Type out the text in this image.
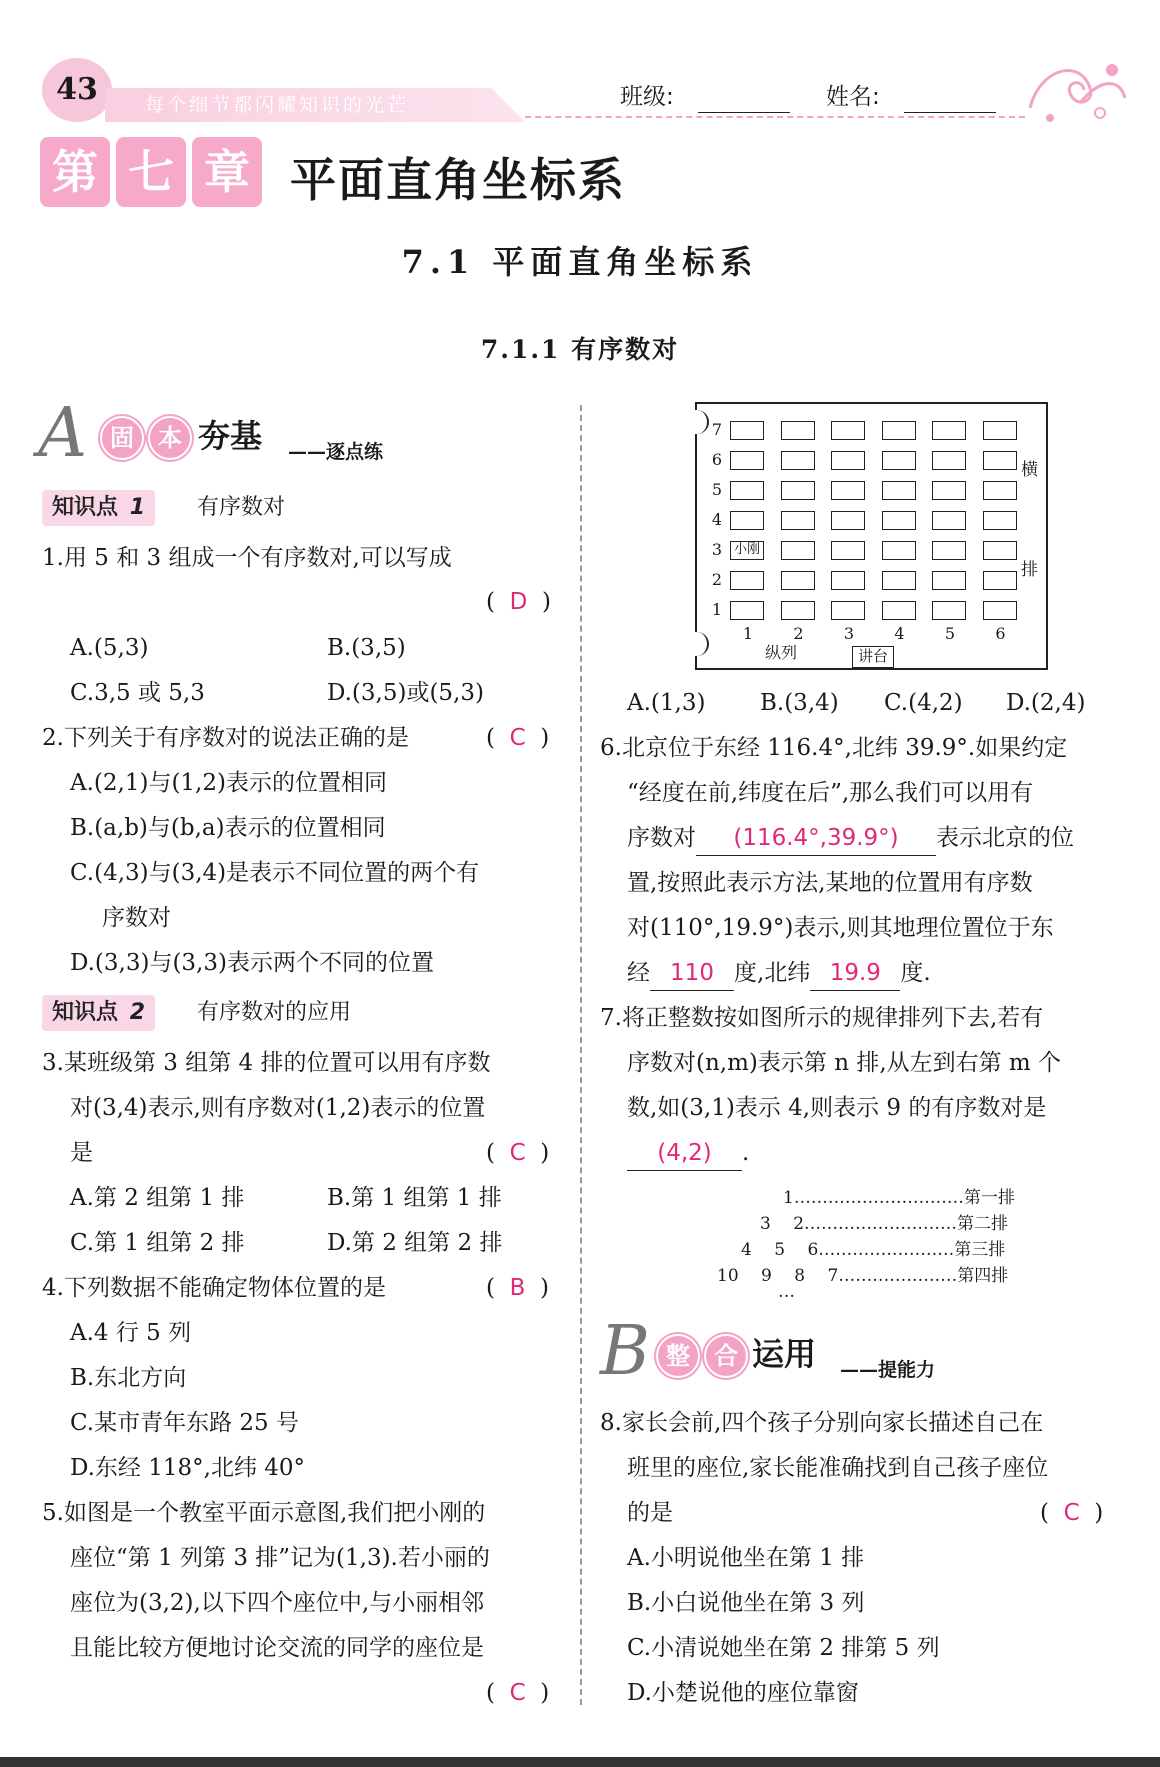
43	每个细节都闪耀知识的光芒	班级:	姓名:
第 七 章 平面直角坐标系
7.1 平面直角坐标系
7.1.1 有序数对
A 固	本 夯基 ——逐点练
知识点 1	有序数对
1.用 5 和 3 组成一个有序数对,可以写成
( D )
A.(5,3)	B.(3,5)
C.3,5 或 5,3	D.(3,5)或(5,3)
2.下列关于有序数对的说法正确的是	( C )
A.(2,1)与(1,2)表示的位置相同
B.(a,b)与(b,a)表示的位置相同
C.(4,3)与(3,4)是表示不同位置的两个有
序数对
D.(3,3)与(3,3)表示两个不同的位置
知识点 2	有序数对的应用
3.某班级第 3 组第 4 排的位置可以用有序数
对(3,4)表示,则有序数对(1,2)表示的位置
是	( C )
A.第 2 组第 1 排	B.第 1 组第 1 排
C.第 1 组第 2 排	D.第 2 组第 2 排
4.下列数据不能确定物体位置的是	( B )
A.4 行 5 列
B.东北方向
C.某市青年东路 25 号
D.东经 118°,北纬 40°
5.如图是一个教室平面示意图,我们把小刚的
座位“第 1 列第 3 排”记为(1,3).若小丽的
座位为(3,2),以下四个座位中,与小丽相邻
且能比较方便地讨论交流的同学的座位是
( C )
7
6
5
4
3 小刚
2
1
1	2	3	4	5	6
纵列	讲台
横
排
A.(1,3) B.(3,4) C.(4,2) D.(2,4)
6.北京位于东经 116.4°,北纬 39.9°.如果约定
“经度在前,纬度在后”,那么我们可以用有
序数对 (116.4°,39.9°) 表示北京的位
置,按照此表示方法,某地的位置用有序数
对(110°,19.9°)表示,则其地理位置位于东
经 110 度,北纬 19.9 度.
7.将正整数按如图所示的规律排列下去,若有
序数对(n,m)表示第 n 排,从左到右第 m 个
数,如(3,1)表示 4,则表示 9 的有序数对是
(4,2) .
1…………………………第一排
3　 2………………………第二排
4　 5　 6……………………第三排
10　 9　 8　 7…………………第四排
…
B 整	合 运用 ——提能力
8.家长会前,四个孩子分别向家长描述自己在
班里的座位,家长能准确找到自己孩子座位
的是	( C )
A.小明说他坐在第 1 排
B.小白说他坐在第 3 列
C.小清说她坐在第 2 排第 5 列
D.小楚说他的座位靠窗
